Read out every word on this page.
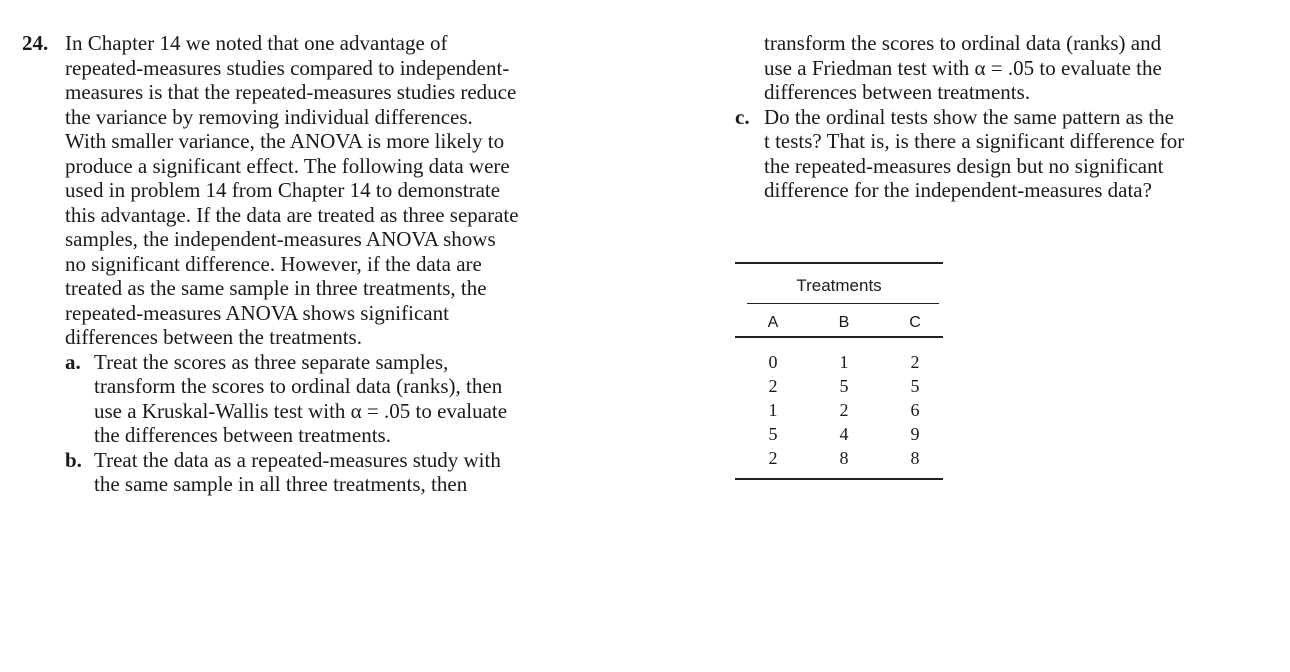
24. In Chapter 14 we noted that one advantage of
repeated-measures studies compared to independent-
measures is that the repeated-measures studies reduce
the variance by removing individual differences.
With smaller variance, the ANOVA is more likely to
produce a significant effect. The following data were
used in problem 14 from Chapter 14 to demonstrate
this advantage. If the data are treated as three separate
samples, the independent-measures ANOVA shows
no significant difference. However, if the data are
treated as the same sample in three treatments, the
repeated-measures ANOVA shows significant
differences between the treatments.
a. Treat the scores as three separate samples,
transform the scores to ordinal data (ranks), then
use a Kruskal-Wallis test with α = .05 to evaluate
the differences between treatments.
b. Treat the data as a repeated-measures study with
the same sample in all three treatments, then
transform the scores to ordinal data (ranks) and
use a Friedman test with α = .05 to evaluate the
differences between treatments.
c. Do the ordinal tests show the same pattern as the
t tests? That is, is there a significant difference for
the repeated-measures design but no significant
difference for the independent-measures data?
Treatments
A	B	C
0	1	2
2	5	5
1	2	6
5	4	9
2	8	8
